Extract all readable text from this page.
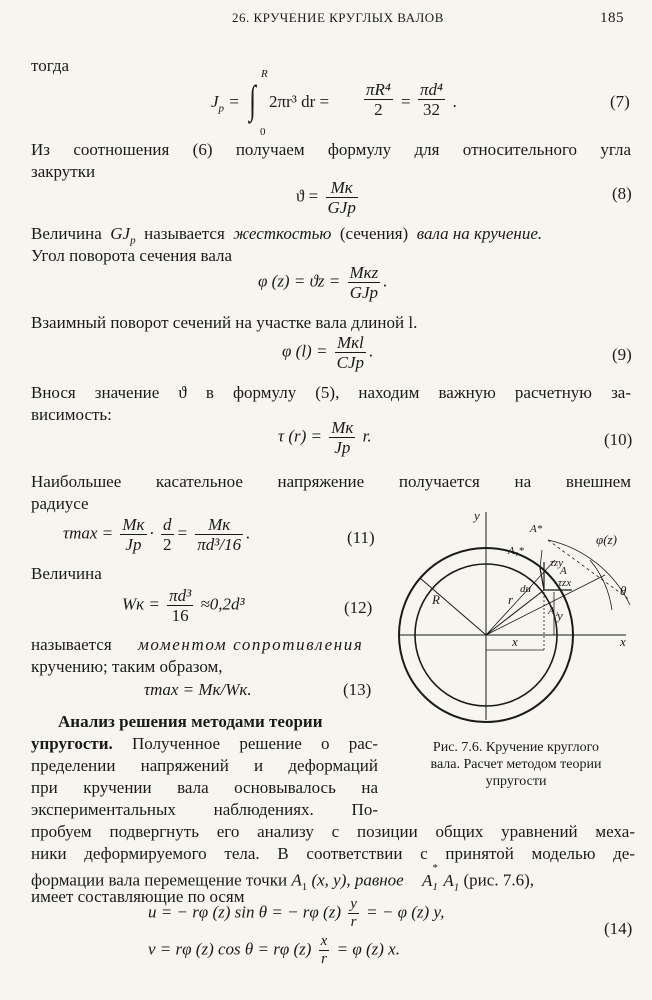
26. КРУЧЕНИЕ КРУГЛЫХ ВАЛОВ	185
тогда	R
0
$J_p$ = ∫ 2πr³ dr = $\frac{\text{πR⁴}}{2} = \frac{\text{πd⁴}}{32}$ .	(7)
Из соотношения (6) получаем формулу для относительного угла
закрутки
$ϑ = \frac{Mк}{\text{GJp}}$	(8)
Величина $GJ_p$ называется жесткостью (сечения) вала на кручение.
Угол поворота сечения вала
φ $(z) = ϑz = \frac{\text{Mкz}}{\text{GJp}}$ .
Взаимный поворот сечений на участке вала длиной l.
φ $(l) = \frac{\text{Mкl}}{\text{CJp}}$ .	(9)
Внося значение ϑ в формулу (5), находим важную расчетную за-
висимость:
τ $(r) = \frac{Mк}{Jp} r$.	(10)
Наибольшее касательное напряжение получается на внешнем
радиусе
$\tau\max = \frac{Mк}{Jp} \cdot \frac{d}{2} = \frac{Mк}{\text{πd³/16}}$ .	(11)
Величина
Wк = $\frac{\text{πd³}}{16} \approx 0,2d^3$	(12)
называется моментом сопротивления
кручению; таким образом,
τmax = Mк/Wк.	(13)
Анализ решения методами теории
упругости. Полученное решение о рас-
пределении напряжений и деформаций
при кручении вала основывалось на
экспериментальных наблюдениях. По-
пробуем подвергнуть его анализу с позиции общих уравнений меха-
ники деформируемого тела. В соответствии с принятой моделью де-
формации вала перемещение точки $A_1$ (x, y), равное $A_1^*A_1$ (рис. 7.6),
имеет составляющие по осям
u = − rφ (z) sin θ = − rφ $(z) \frac{y}{r}$ = − φ (z) y,
v = rφ (z) cos θ = rφ $(z) \frac{x}{r} = \varphi$ (z) x.
(14)
y
x
φ(z)
A*
A₁*
τzy
τzx
A
A₁
θ
du
R	r
y
x
Рис. 7.6. Кручение круглого
вала. Расчет методом теории
упругости
